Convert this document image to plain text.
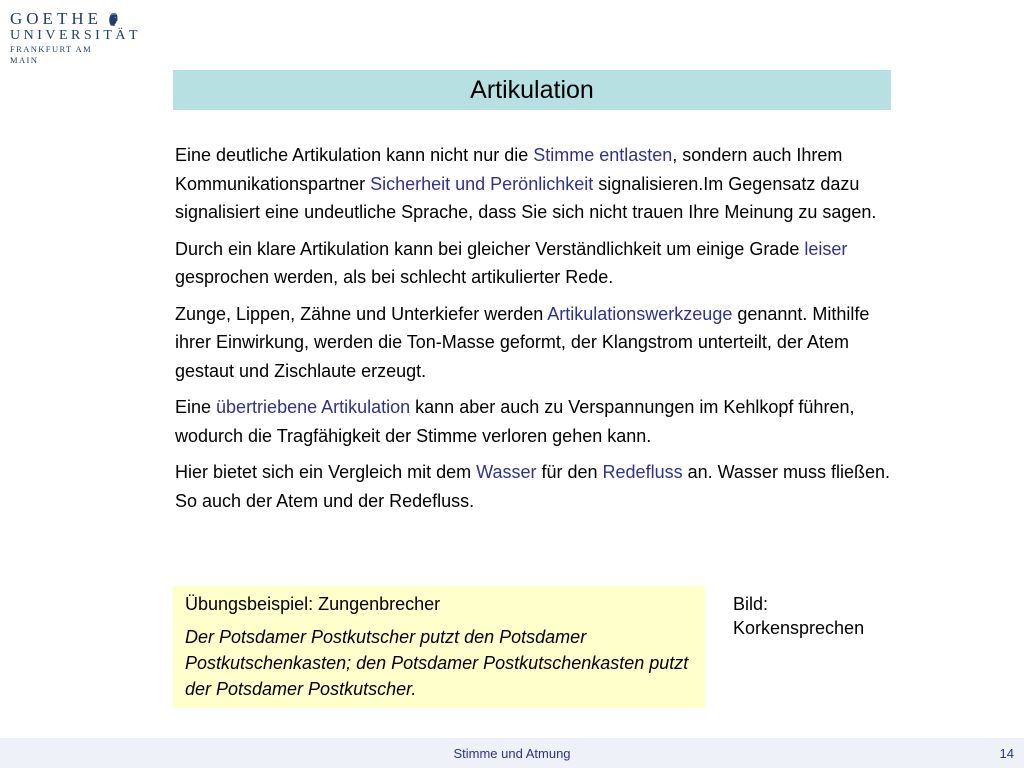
GOETHE
UNIVERSITÄT
FRANKFURT AM MAIN
Artikulation

Eine deutliche Artikulation kann nicht nur die Stimme entlasten, sondern auch Ihrem Kommunikationspartner Sicherheit und Perönlichkeit signalisieren.Im Gegensatz dazu signalisiert eine undeutliche Sprache, dass Sie sich nicht trauen Ihre Meinung zu sagen.

Durch ein klare Artikulation kann bei gleicher Verständlichkeit um einige Grade leiser gesprochen werden, als bei schlecht artikulierter Rede.

Zunge, Lippen, Zähne und Unterkiefer werden Artikulationswerkzeuge genannt. Mithilfe ihrer Einwirkung, werden die Ton-Masse geformt, der Klangstrom unterteilt, der Atem gestaut und Zischlaute erzeugt.

Eine übertriebene Artikulation kann aber auch zu Verspannungen im Kehlkopf führen, wodurch die Tragfähigkeit der Stimme verloren gehen kann.

Hier bietet sich ein Vergleich mit dem Wasser für den Redefluss an. Wasser muss fließen. So auch der Atem und der Redefluss.

Übungsbeispiel: Zungenbrecher
Der Potsdamer Postkutscher putzt den Potsdamer Postkutschenkasten; den Potsdamer Postkutschenkasten putzt der Potsdamer Postkutscher.
Bild:
Korkensprechen
Stimme und Atmung	14
